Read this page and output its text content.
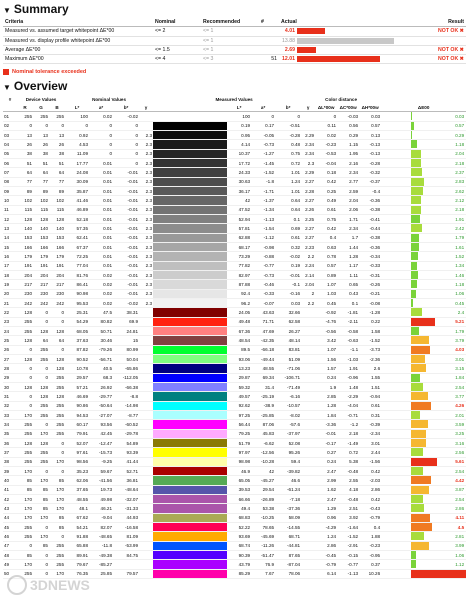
▼ Summary
Criteria	Nominal	Recommended	#	Actual		Result
Measured vs. assumed target whitepoint ΔE*00	<= 2	<= 1		4.01		NOT OK ✖
Measured vs. display profile whitepoint ΔE*00		<= 1		13.88	

Average ΔE*00	<= 1.5	<= 1		2.69		NOT OK ✖
Maximum ΔE*00	<= 4	<= 3	51	12.01		NOT OK ✖
Nominal tolerance exceeded
▼ Overview
#	Device Values			Nominal Values				Measured Values					Color distance			
	R	G	B	L*	a*	b*	γ		L*	a*	b*	γ	ΔL*00w	ΔC*00w	ΔH*00w	ΔE00
01	255	255	255	100	0.02	-0.02			100	0	0		0	-0.03	0.03	0.03
02	0	0	0	0	0	0			0.19	0.17	-0.51		0.11	0.56	0.57	0.57
03	13	13	13	0.92	0	0	2.3		0.95	-0.05	-0.28	2.29	0.02	0.29	0.13	0.29
04	26	26	26	4.53	0	0	2.3		4.14	-0.73	0.48	2.34	-0.23	1.15	-0.13	1.18
05	38	38	38	11.09	0	0	2.3		10.37	-1.27	0.75	2.34	-0.53	1.95	-0.13	2.04
06	51	51	51	17.77	0.01	0	2.3		17.72	-1.45	0.72	2.3	-0.04	2.16	-0.28	2.18
07	64	64	64	24.08	0.01	-0.01	2.3		24.33	-1.52	1.01	2.29	0.18	2.34	-0.32	2.37
08	77	77	77	30.09	0.01	-0.01	2.3		30.63	-1.8	1.24	2.27	0.42	2.77	-0.37	2.83
09	89	89	89	35.87	0.01	-0.01	2.3		36.17	-1.71	1.01	2.28	0.25	2.59	-0.4	2.62
10	102	102	102	41.46	0.01	-0.01	2.3		42	-1.37	0.64	2.27	0.49	2.04	-0.36	2.12
11	115	115	115	46.89	0.01	-0.01	2.3		47.52	-1.34	0.64	2.26	0.61	2.06	-0.38	2.18
12	128	128	128	52.18	0.01	-0.01	2.3		52.94	-1.13	0.1	2.25	0.75	1.71	-0.41	1.91
13	140	140	140	57.35	0.01	-0.01	2.3		57.81	-1.54	0.69	2.27	0.42	2.34	-0.44	2.42
14	153	153	153	62.41	0.01	-0.01	2.3		62.88	-1.12	0.61	2.27	0.4	1.7	-0.38	1.79
15	166	166	166	67.37	0.01	-0.01	2.3		68.17	-0.98	0.32	2.23	0.63	1.44	-0.36	1.61
16	179	179	179	72.25	0.01	-0.01	2.3		73.29	-0.88	-0.02	2.2	0.78	1.28	-0.34	1.52
17	191	191	191	77.04	0.01	-0.01	2.3		77.82	-0.77	0.19	2.24	0.57	1.17	-0.33	1.34
18	204	204	204	81.76	0.02	-0.01	2.3		82.97	-0.73	-0.01	2.14	0.89	1.11	-0.31	1.46
19	217	217	217	86.41	0.02	-0.01	2.3		87.88	-0.46	-0.1	2.04	1.07	0.65	-0.26	1.18
20	230	230	230	90.98	0.02	-0.01	2.3		92.4	-0.33	-0.16	2	1.03	0.43	-0.21	1.06
21	242	242	242	95.53	0.02	-0.02	2.3		96.2	-0.07	0.03	2.2	0.45	0.1	-0.08	0.45
22	128	0	0	25.31	47.5	38.31			24.05	43.63	32.66		-0.92	-1.81	-1.28	2.4
23	255	0	0	54.29	80.82	69.9			49.48	71.71	62.58		-4.76	-2.11	0.22	5.21
24	255	128	128	68.05	50.71	24.81			67.36	47.69	26.27		-0.56	-0.58	1.58	1.79
25	128	64	64	37.63	30.46	15			48.54	-42.35	48.14		3.42	-0.63	-1.52	3.79
26	0	255	0	87.82	-79.26	80.99			89.5	-66.18	83.81		1.07	-1.1	-3.73	4.03
27	128	255	128	90.52	-56.71	50.04			93.06	-49.44	51.09		1.56	-1.03	-2.36	3.01
28	0	0	128	10.78	40.5	-65.86			13.23	48.55	-71.06		1.57	1.91	2.6	3.15
29	0	0	255	29.57	68.3	-112.05			29.87	69.34	-106.71		0.24	-0.96	1.55	1.84
30	128	128	255	57.21	26.92	-66.38			59.32	31.4	-71.49		1.9	1.48	1.51	2.54
31	0	128	128	46.69	-29.77	-8.8			49.57	-25.19	-6.16		2.85	-2.29	-0.94	3.77
32	0	255	255	90.86	-50.64	-14.98			92.62	-38.9	-10.57		1.28	-4.04	0.61	4.26
33	170	255	255	94.53	-27.07	-8.77			97.25	-25.85	-8.02		1.84	-0.71	0.31	2.01
34	255	0	255	60.17	93.56	-60.52			56.44	87.06	-57.6		-3.36	-1.2	-0.39	3.59
35	255	170	255	79.91	42.45	-29.78			79.25	45.83	-37.97		-0.01	2.18	-2.34	3.25
36	128	128	0	52.07	-12.47	54.89			51.79	-6.62	52.08		-0.17	-1.49	3.01	3.16
37	255	255	0	97.61	-15.73	93.39			97.97	-12.56	95.26		0.27	0.72	2.44	2.56
38	255	255	170	98.56	-9.25	41.44			98.98	-10.28	59.4		0.24	5.38	-1.56	5.61
39	170	0	0	35.23	59.67	52.71			46.9	42	-39.82		2.47	-0.48	0.42	2.54
40	85	170	85	62.06	-41.56	36.81			65.05	-45.27	46.6		2.99	2.55	-2.03	4.42
41	85	85	170	37.65	19.73	-48.64			39.53	29.54	-61.24		1.62	4.18	2.86	3.87
42	170	85	170	48.55	49.98	-32.07			66.66	-26.89	-7.18		2.47	-0.48	0.42	2.54
43	170	85	170	48.1	46.21	-31.33			49.4	53.38	-37.36		1.29	2.51	-0.43	2.86
44	170	170	85	67.62	-9.04	44.93			68.83	-10.25	58.09		0.96	3.92	-0.79	4.11
45	255	0	85	54.21	82.07	-16.58			52.22	78.65	-14.55		-4.29	-1.64	0.4	4.5
46	255	170	0	91.88	-48.65	81.09			93.69	-45.69	68.71		1.24	-1.52	1.88	2.81
47	0	85	255	65.88	-11.8	-53.99			68.74	-11.26	-44.81		2.86	-2.91	-0.23	3.99
48	85	0	255	89.91	-49.38	84.75			90.39	-51.47	87.65		-0.45	-0.15	-0.95	1.06
49	170	0	255	79.67	-85.27				43.79	76.9	-87.04		-0.79	-0.77	0.37	1.12
50	255	0	170	76.35	25.85	79.57			85.29	7.67	78.06		6.14	-1.13	10.26	12.01
3DNEWS
